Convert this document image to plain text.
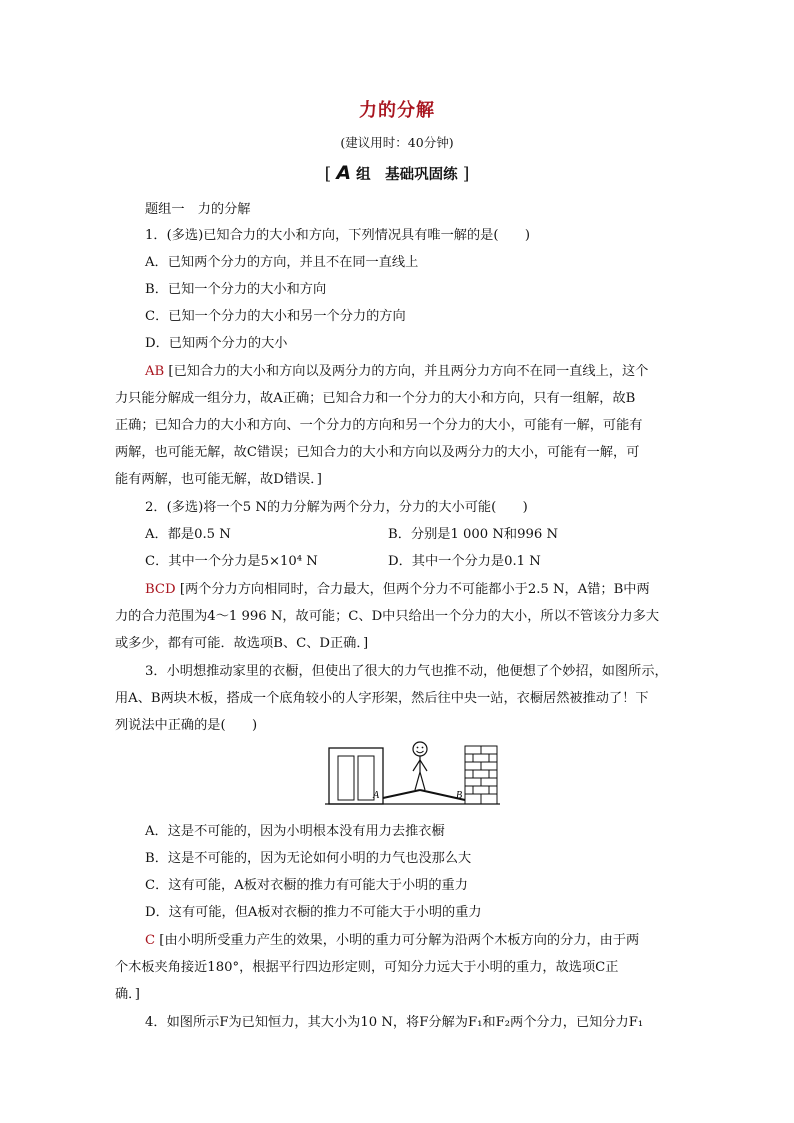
力的分解
(建议用时：40分钟)
[ A 组　基础巩固练 ]
题组一　力的分解
1．(多选)已知合力的大小和方向，下列情况具有唯一解的是(　　)
A．已知两个分力的方向，并且不在同一直线上
B．已知一个分力的大小和方向
C．已知一个分力的大小和另一个分力的方向
D．已知两个分力的大小
AB [已知合力的大小和方向以及两分力的方向，并且两分力方向不在同一直线上，这个
力只能分解成一组分力，故A正确；已知合力和一个分力的大小和方向，只有一组解，故B
正确；已知合力的大小和方向、一个分力的方向和另一个分力的大小，可能有一解，可能有
两解，也可能无解，故C错误；已知合力的大小和方向以及两分力的大小，可能有一解，可
能有两解，也可能无解，故D错误．]
2．(多选)将一个5 N的力分解为两个分力，分力的大小可能(　　)
A．都是0.5 N	B．分别是1 000 N和996 N
C．其中一个分力是5×10⁴ N	D．其中一个分力是0.1 N
BCD [两个分力方向相同时，合力最大，但两个分力不可能都小于2.5 N，A错；B中两
力的合力范围为4～1 996 N，故可能；C、D中只给出一个分力的大小，所以不管该分力多大
或多少，都有可能．故选项B、C、D正确．]
3．小明想推动家里的衣橱，但使出了很大的力气也推不动，他便想了个妙招，如图所示，
用A、B两块木板，搭成一个底角较小的人字形架，然后往中央一站，衣橱居然被推动了！下
列说法中正确的是(　　)
A	B
A．这是不可能的，因为小明根本没有用力去推衣橱
B．这是不可能的，因为无论如何小明的力气也没那么大
C．这有可能，A板对衣橱的推力有可能大于小明的重力
D．这有可能，但A板对衣橱的推力不可能大于小明的重力
C [由小明所受重力产生的效果，小明的重力可分解为沿两个木板方向的分力，由于两
个木板夹角接近180°，根据平行四边形定则，可知分力远大于小明的重力，故选项C正
确．]
4．如图所示F为已知恒力，其大小为10 N，将F分解为F₁和F₂两个分力，已知分力F₁
